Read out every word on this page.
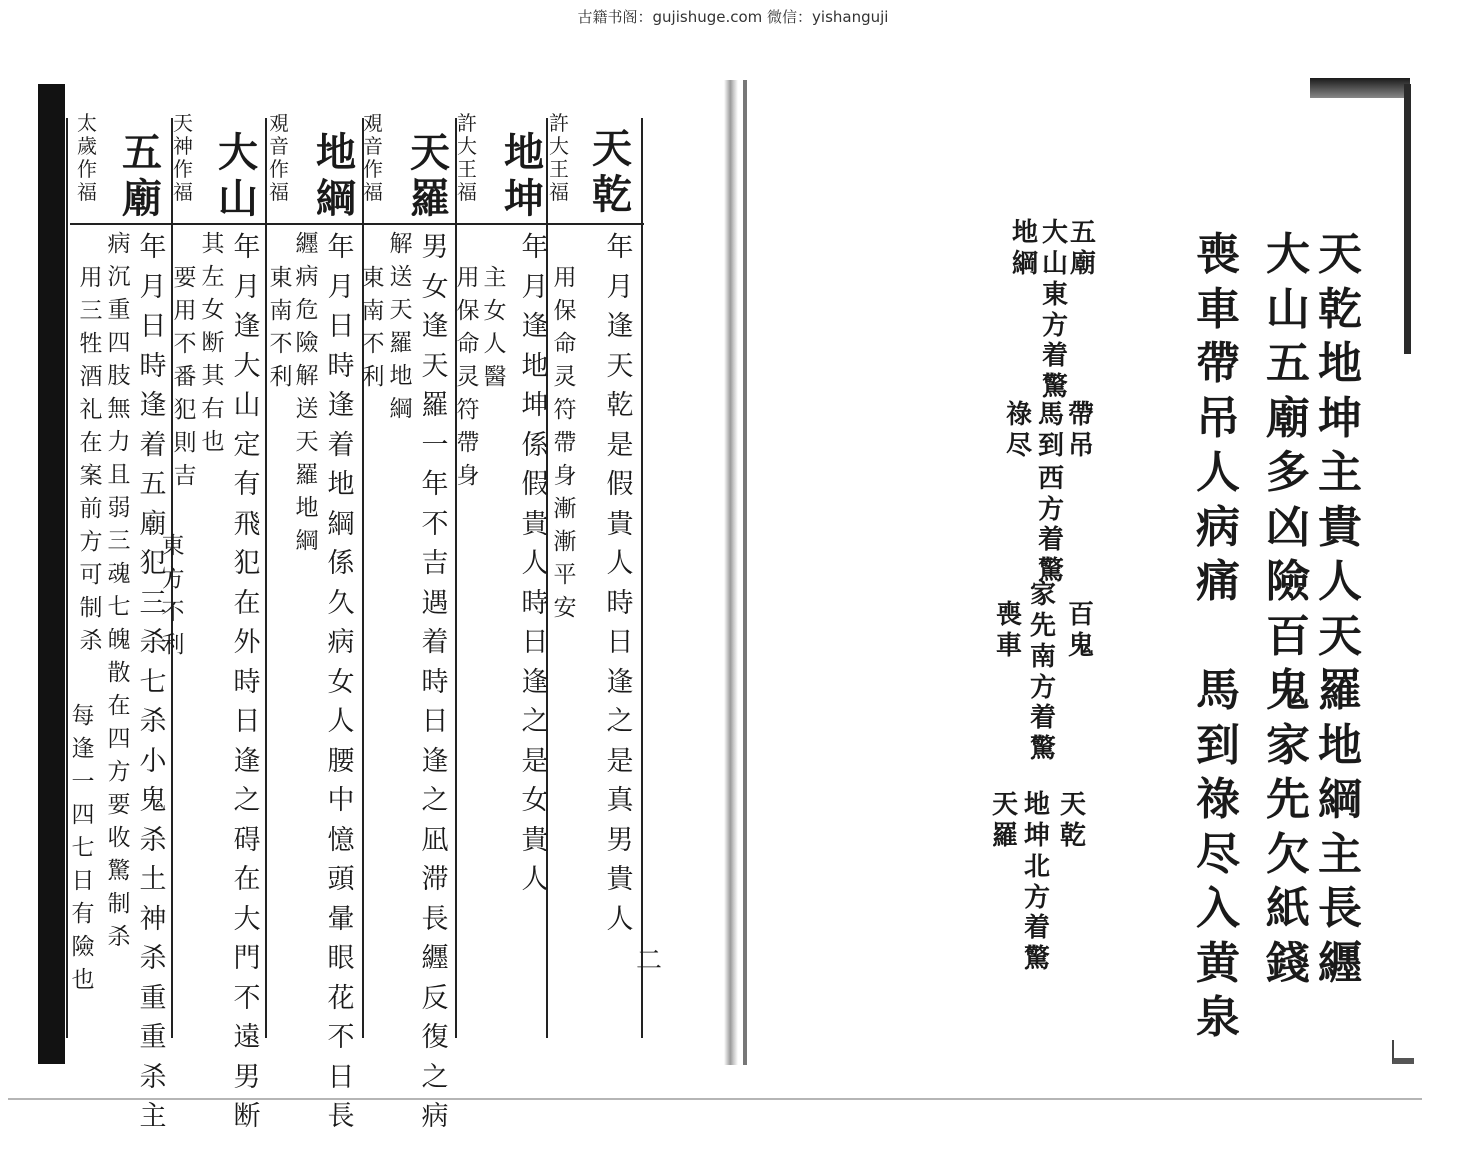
古籍书阁：gujishuge.com 微信：yishanguji
天
乾
許
大
王
福
年
月
逢
天
乾
是
假
貴
人
時
日
逢
之
是
真
男
貴
人
用
保
命
灵
符
帶
身
漸
漸
平
安
地
坤
許
大
王
福
年
月
逢
地
坤
係
假
貴
人
時
日
逢
之
是
女
貴
人
主
女
人
醫
用
保
命
灵
符
帶
身
天
羅
覌
音
作
福
男
女
逢
天
羅
一
年
不
吉
遇
着
時
日
逢
之
凪
滞
長
纒
反
復
之
病
解
送
天
羅
地
綱
東
南
不
利
地
綱
覌
音
作
福
年
月
日
時
逢
着
地
綱
係
久
病
女
人
腰
中
憶
頭
暈
眼
花
不
日
長
纒
病
危
險
解
送
天
羅
地
綱
東
南
不
利
大
山
天
神
作
福
年
月
逢
大
山
定
有
飛
犯
在
外
時
日
逢
之
碍
在
大
門
不
遠
男
断
其
左
女
断
其
右
也
要
用
不
番
犯
則
吉
東
方
不
利
五
廟
太
歲
作
福
年
月
日
時
逢
着
五
廟
犯
三
杀
七
杀
小
鬼
杀
土
神
杀
重
重
杀
主
病
沉
重
四
肢
無
力
且
弱
三
魂
七
魄
散
在
四
方
要
收
驚
制
杀
用
三
牲
酒
礼
在
案
前
方
可
制
杀
每
逢
一
四
七
日
有
險
也
二
天
乾
地
坤
主
貴
人
天
羅
地
綱
主
長
纒
大
山
五
廟
多
凶
險
百
鬼
家
先
欠
紙
錢
喪
車
帶
吊
人
病
痛

馬
到
祿
尽
入
黄
泉
五
廟
大
山
東
方
着
驚
帶
吊
馬
到
西
方
着
驚
百
鬼
家
先
南
方
着
驚
天
乾
地
坤
北
方
着
驚
地
綱
祿
尽
喪
車
天
羅
